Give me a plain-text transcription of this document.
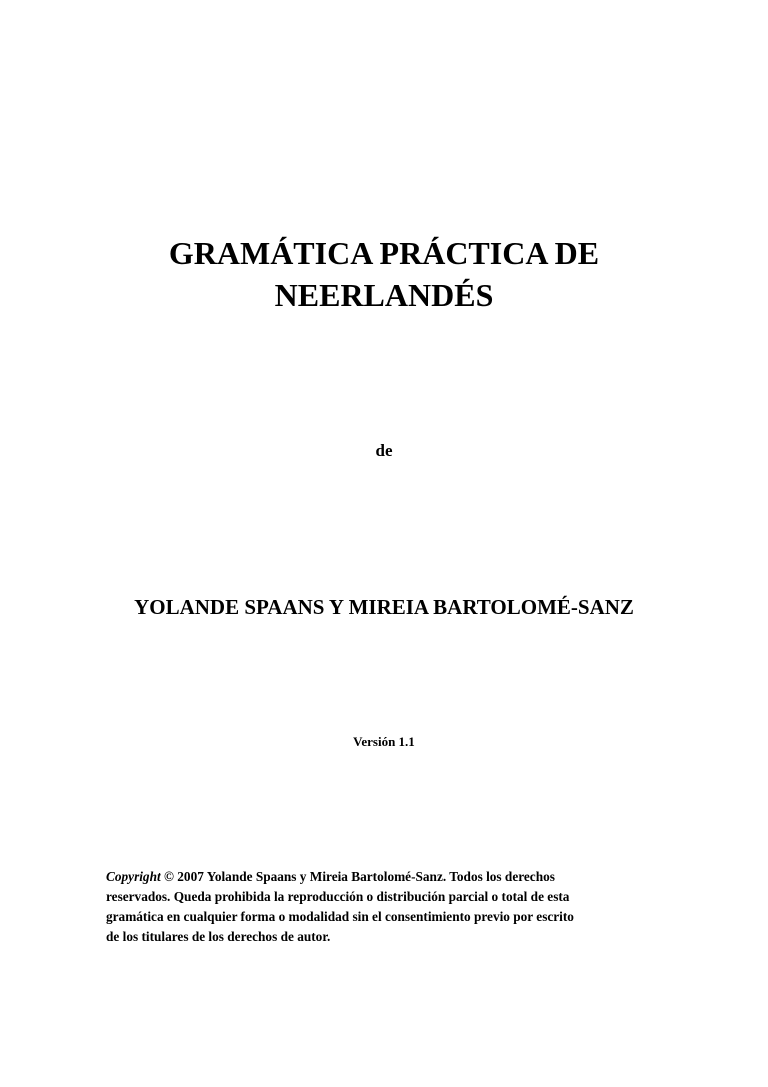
GRAMÁTICA PRÁCTICA DE
NEERLANDÉS
de
YOLANDE SPAANS Y MIREIA BARTOLOMÉ-SANZ
Versión 1.1
Copyright © 2007 Yolande Spaans y Mireia Bartolomé-Sanz. Todos los derechos
reservados. Queda prohibida la reproducción o distribución parcial o total de esta
gramática en cualquier forma o modalidad sin el consentimiento previo por escrito
de los titulares de los derechos de autor.
